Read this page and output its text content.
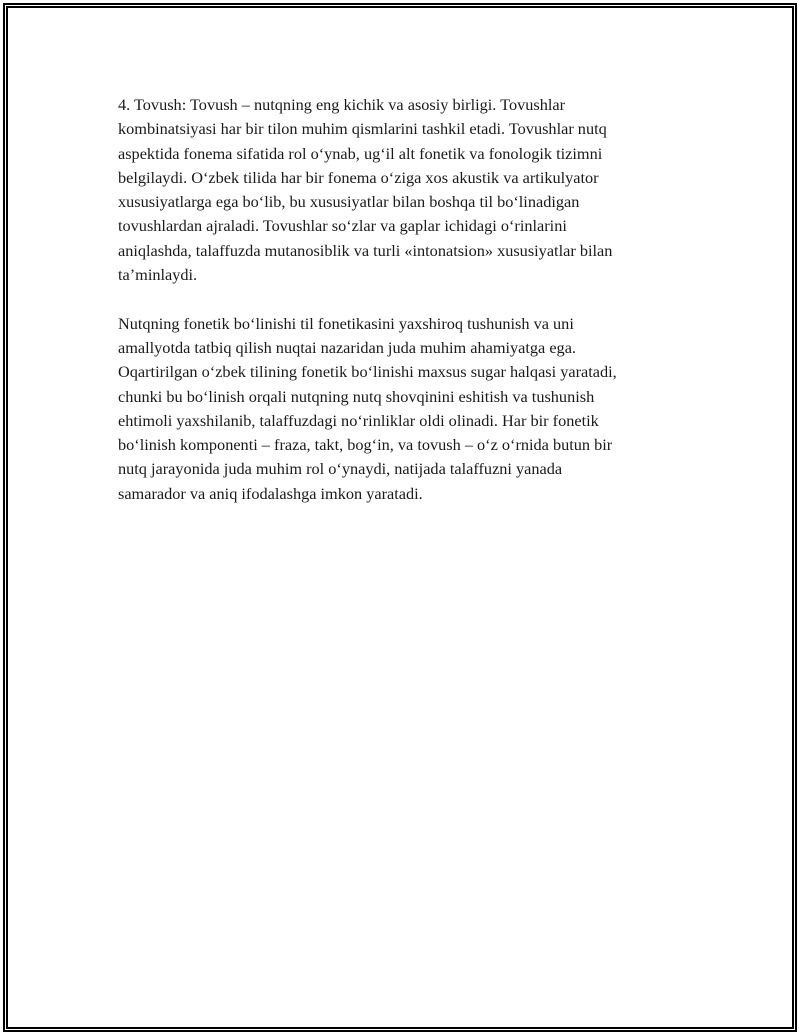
4. Tovush: Tovush – nutqning eng kichik va asosiy birligi. Tovushlar
kombinatsiyasi har bir tilon muhim qismlarini tashkil etadi. Tovushlar nutq
aspektida fonema sifatida rol o‘ynab, ug‘il alt fonetik va fonologik tizimni
belgilaydi. O‘zbek tilida har bir fonema o‘ziga xos akustik va artikulyator
xususiyatlarga ega bo‘lib, bu xususiyatlar bilan boshqa til bo‘linadigan
tovushlardan ajraladi. Tovushlar so‘zlar va gaplar ichidagi o‘rinlarini
aniqlashda, talaffuzda mutanosiblik va turli «intonatsion» xususiyatlar bilan
ta’minlaydi.

Nutqning fonetik bo‘linishi til fonetikasini yaxshiroq tushunish va uni
amallyotda tatbiq qilish nuqtai nazaridan juda muhim ahamiyatga ega.
Oqartirilgan o‘zbek tilining fonetik bo‘linishi maxsus sugar halqasi yaratadi,
chunki bu bo‘linish orqali nutqning nutq shovqinini eshitish va tushunish
ehtimoli yaxshilanib, talaffuzdagi no‘rinliklar oldi olinadi. Har bir fonetik
bo‘linish komponenti – fraza, takt, bog‘in, va tovush – o‘z o‘rnida butun bir
nutq jarayonida juda muhim rol o‘ynaydi, natijada talaffuzni yanada
samarador va aniq ifodalashga imkon yaratadi.
